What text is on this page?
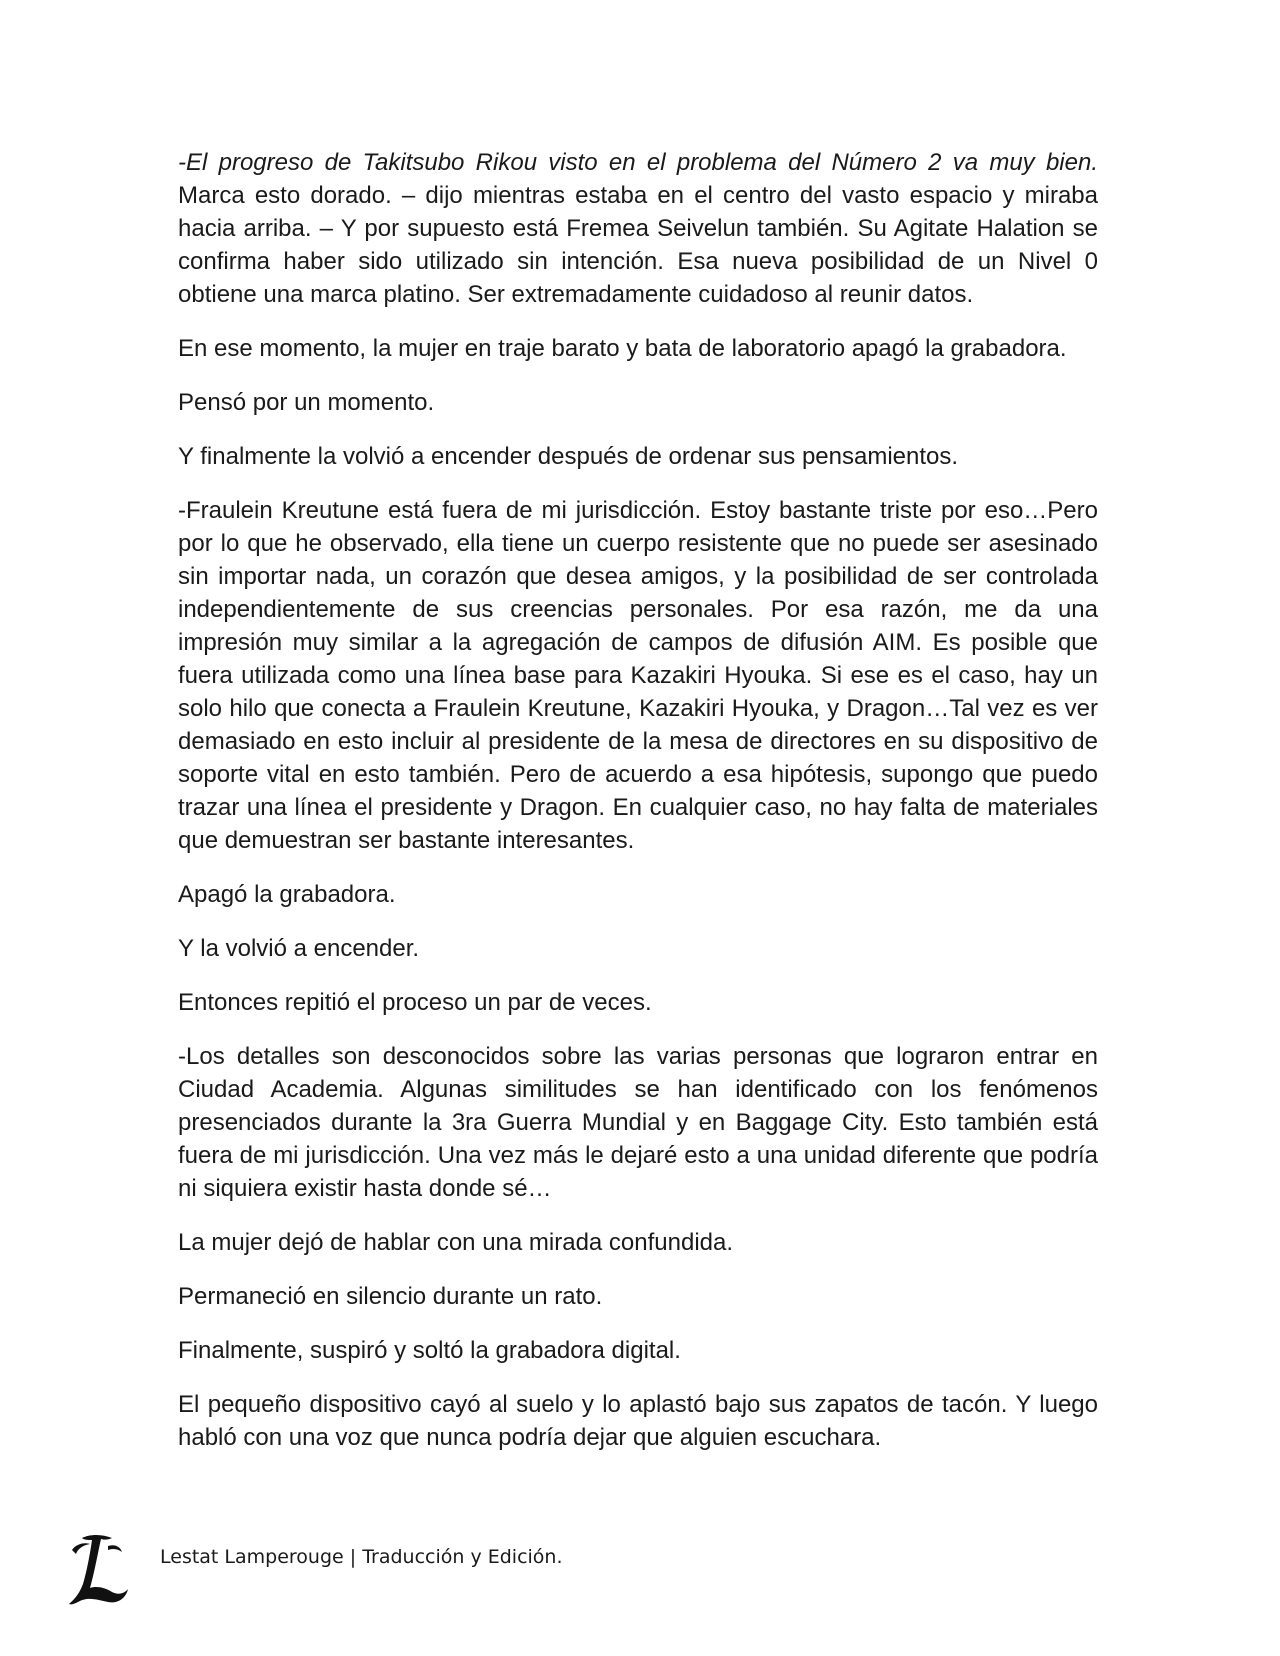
-El progreso de Takitsubo Rikou visto en el problema del Número 2 va muy bien. Marca esto dorado. – dijo mientras estaba en el centro del vasto espacio y miraba hacia arriba. – Y por supuesto está Fremea Seivelun también. Su Agitate Halation se confirma haber sido utilizado sin intención. Esa nueva posibilidad de un Nivel 0 obtiene una marca platino. Ser extremadamente cuidadoso al reunir datos.

En ese momento, la mujer en traje barato y bata de laboratorio apagó la grabadora.

Pensó por un momento.

Y finalmente la volvió a encender después de ordenar sus pensamientos.

-Fraulein Kreutune está fuera de mi jurisdicción. Estoy bastante triste por eso…Pero por lo que he observado, ella tiene un cuerpo resistente que no puede ser asesinado sin importar nada, un corazón que desea amigos, y la posibilidad de ser controlada independientemente de sus creencias personales. Por esa razón, me da una impresión muy similar a la agregación de campos de difusión AIM. Es posible que fuera utilizada como una línea base para Kazakiri Hyouka. Si ese es el caso, hay un solo hilo que conecta a Fraulein Kreutune, Kazakiri Hyouka, y Dragon…Tal vez es ver demasiado en esto incluir al presidente de la mesa de directores en su dispositivo de soporte vital en esto también. Pero de acuerdo a esa hipótesis, supongo que puedo trazar una línea el presidente y Dragon. En cualquier caso, no hay falta de materiales que demuestran ser bastante interesantes.

Apagó la grabadora.

Y la volvió a encender.

Entonces repitió el proceso un par de veces.

-Los detalles son desconocidos sobre las varias personas que lograron entrar en Ciudad Academia. Algunas similitudes se han identificado con los fenómenos presenciados durante la 3ra Guerra Mundial y en Baggage City. Esto también está fuera de mi jurisdicción. Una vez más le dejaré esto a una unidad diferente que podría ni siquiera existir hasta donde sé…

La mujer dejó de hablar con una mirada confundida.

Permaneció en silencio durante un rato.

Finalmente, suspiró y soltó la grabadora digital.

El pequeño dispositivo cayó al suelo y lo aplastó bajo sus zapatos de tacón. Y luego habló con una voz que nunca podría dejar que alguien escuchara.

Lestat Lamperouge | Traducción y Edición.
